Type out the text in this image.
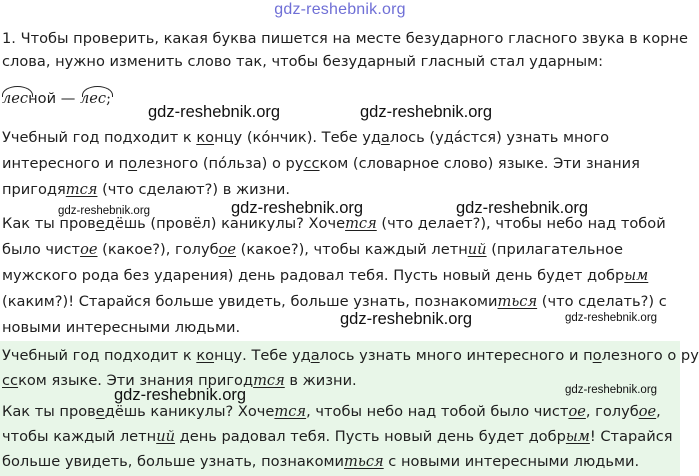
gdz-reshebnik.org
1. Чтобы проверить, какая буква пишется на месте безударного гласного звука в корне
слова, нужно изменить слово так, чтобы безударный гласный стал ударным:
лесной — лес;
Учебный год подходит к концу (ко́нчик). Тебе удалось (уда́стся) узнать много
интересного и полезного (по́льза) о русском (словарное слово) языке. Эти знания
пригодятся (что сделают?) в жизни.
Как ты проведёшь (провёл) каникулы? Хочется (что делает?), чтобы небо над тобой
было чистое (какое?), голубое (какое?), чтобы каждый летний (прилагательное
мужского рода без ударения) день радовал тебя. Пусть новый день будет добрым
(каким?)! Старайся больше увидеть, больше узнать, познакомиться (что сделать?) с
новыми интересными людьми.
Учебный год подходит к концу. Тебе удалось узнать много интересного и полезного о ру
сском языке. Эти знания пригодтся в жизни.
Как ты проведёшь каникулы? Хочется, чтобы небо над тобой было чистое, голубое,
чтобы каждый летний день радовал тебя. Пусть новый день будет добрым! Старайся
больше увидеть, больше узнать, познакомиться с новыми интересными людьми.
gdz-reshebnik.org	gdz-reshebnik.org
gdz-reshebnik.org	gdz-reshebnik.org	gdz-reshebnik.org
gdz-reshebnik.org	gdz-reshebnik.org
gdz-reshebnik.org
gdz-reshebnik.org
